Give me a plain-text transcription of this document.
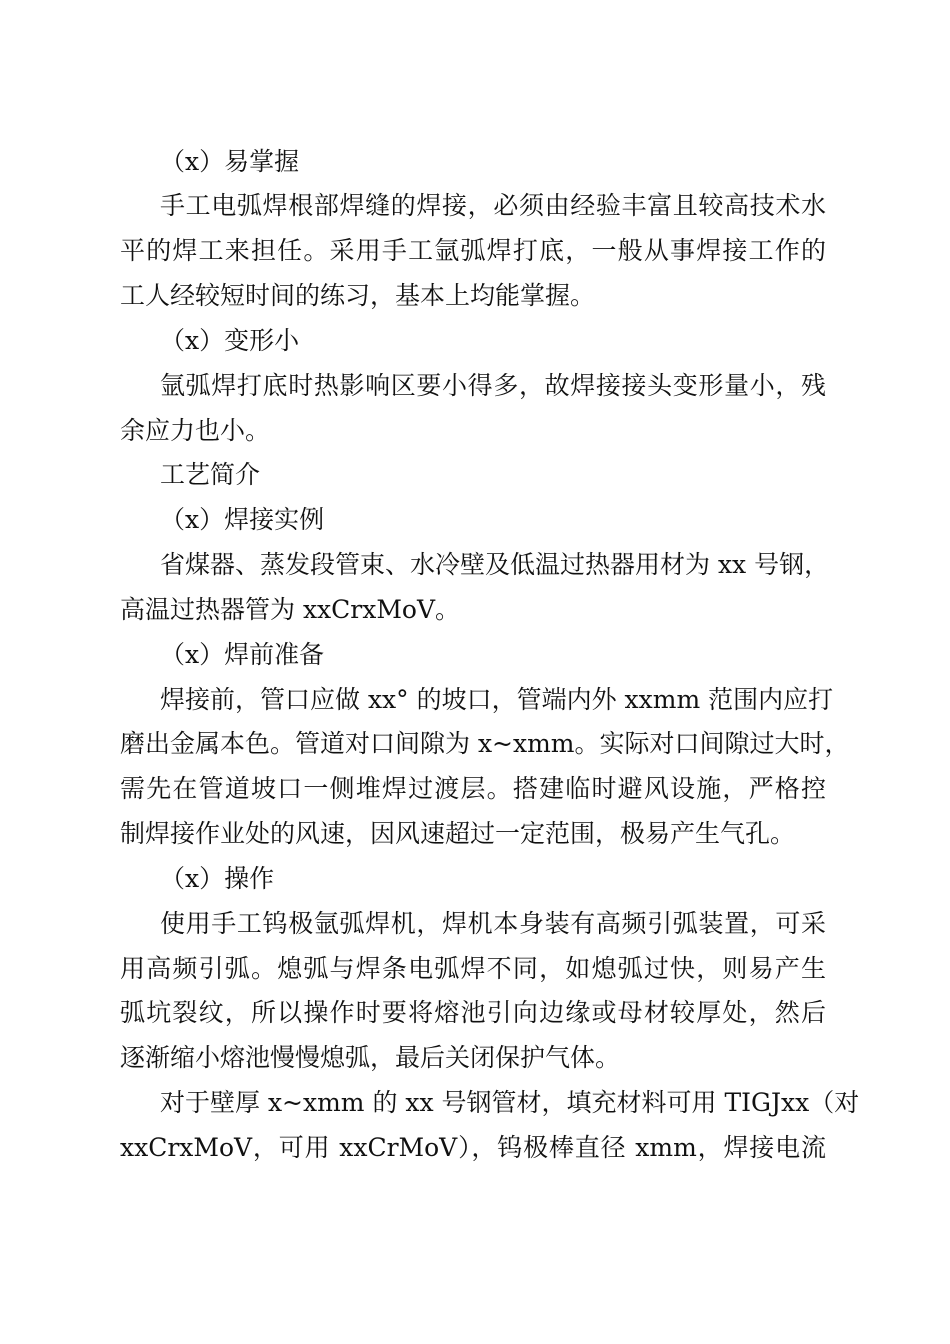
（x）易掌握
手工电弧焊根部焊缝的焊接，必须由经验丰富且较高技术水
平的焊工来担任。采用手工氩弧焊打底，一般从事焊接工作的
工人经较短时间的练习，基本上均能掌握。
（x）变形小
氩弧焊打底时热影响区要小得多，故焊接接头变形量小，残
余应力也小。
工艺简介
（x）焊接实例
省煤器、蒸发段管束、水冷壁及低温过热器用材为 xx 号钢，
高温过热器管为 xxCrxMoV。
（x）焊前准备
焊接前，管口应做 xx° 的坡口，管端内外 xxmm 范围内应打
磨出金属本色。管道对口间隙为 x~xmm。实际对口间隙过大时，
需先在管道坡口一侧堆焊过渡层。搭建临时避风设施，严格控
制焊接作业处的风速，因风速超过一定范围，极易产生气孔。
（x）操作
使用手工钨极氩弧焊机，焊机本身装有高频引弧装置，可采
用高频引弧。熄弧与焊条电弧焊不同，如熄弧过快，则易产生
弧坑裂纹，所以操作时要将熔池引向边缘或母材较厚处，然后
逐渐缩小熔池慢慢熄弧，最后关闭保护气体。
对于壁厚 x~xmm 的 xx 号钢管材，填充材料可用 TIGJxx（对
xxCrxMoV，可用 xxCrMoV），钨极棒直径 xmm，焊接电流
